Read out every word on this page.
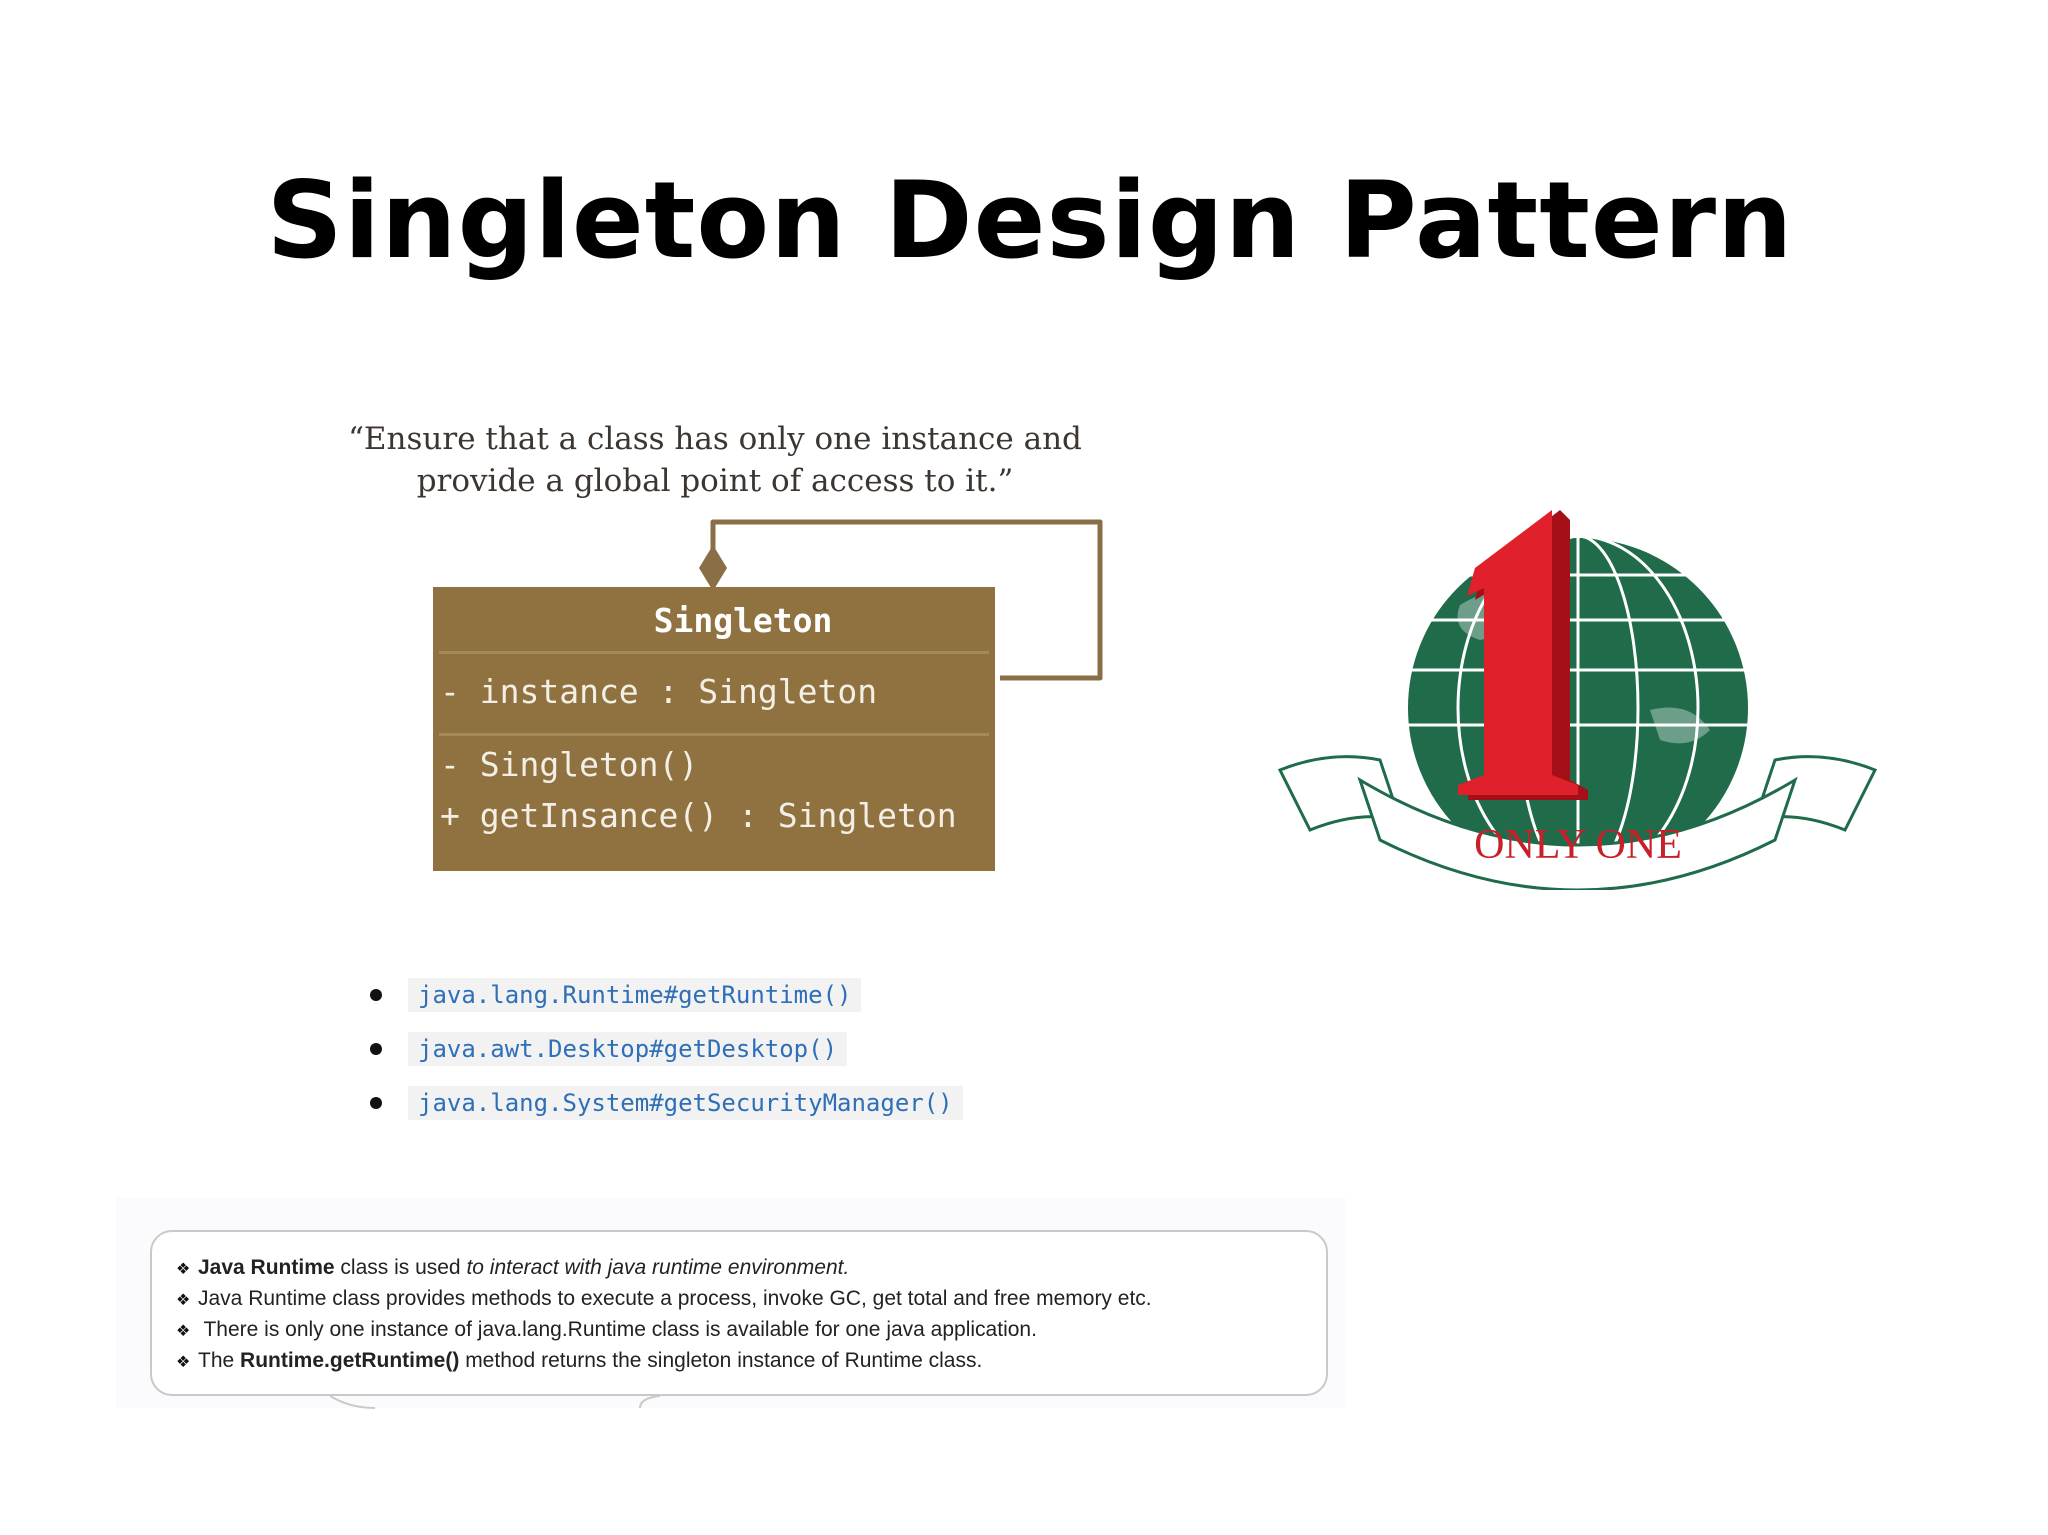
Singleton Design Pattern
“Ensure that a class has only one instance and
provide a global point of access to it.”
Singleton
- instance : Singleton
- Singleton()
+ getInsance() : Singleton
ONLY ONE
java.lang.Runtime#getRuntime()
java.awt.Desktop#getDesktop()
java.lang.System#getSecurityManager()
❖ Java Runtime class is used to interact with java runtime environment.
❖ Java Runtime class provides methods to execute a process, invoke GC, get total and free memory etc.
❖ There is only one instance of java.lang.Runtime class is available for one java application.
❖ The Runtime.getRuntime() method returns the singleton instance of Runtime class.
